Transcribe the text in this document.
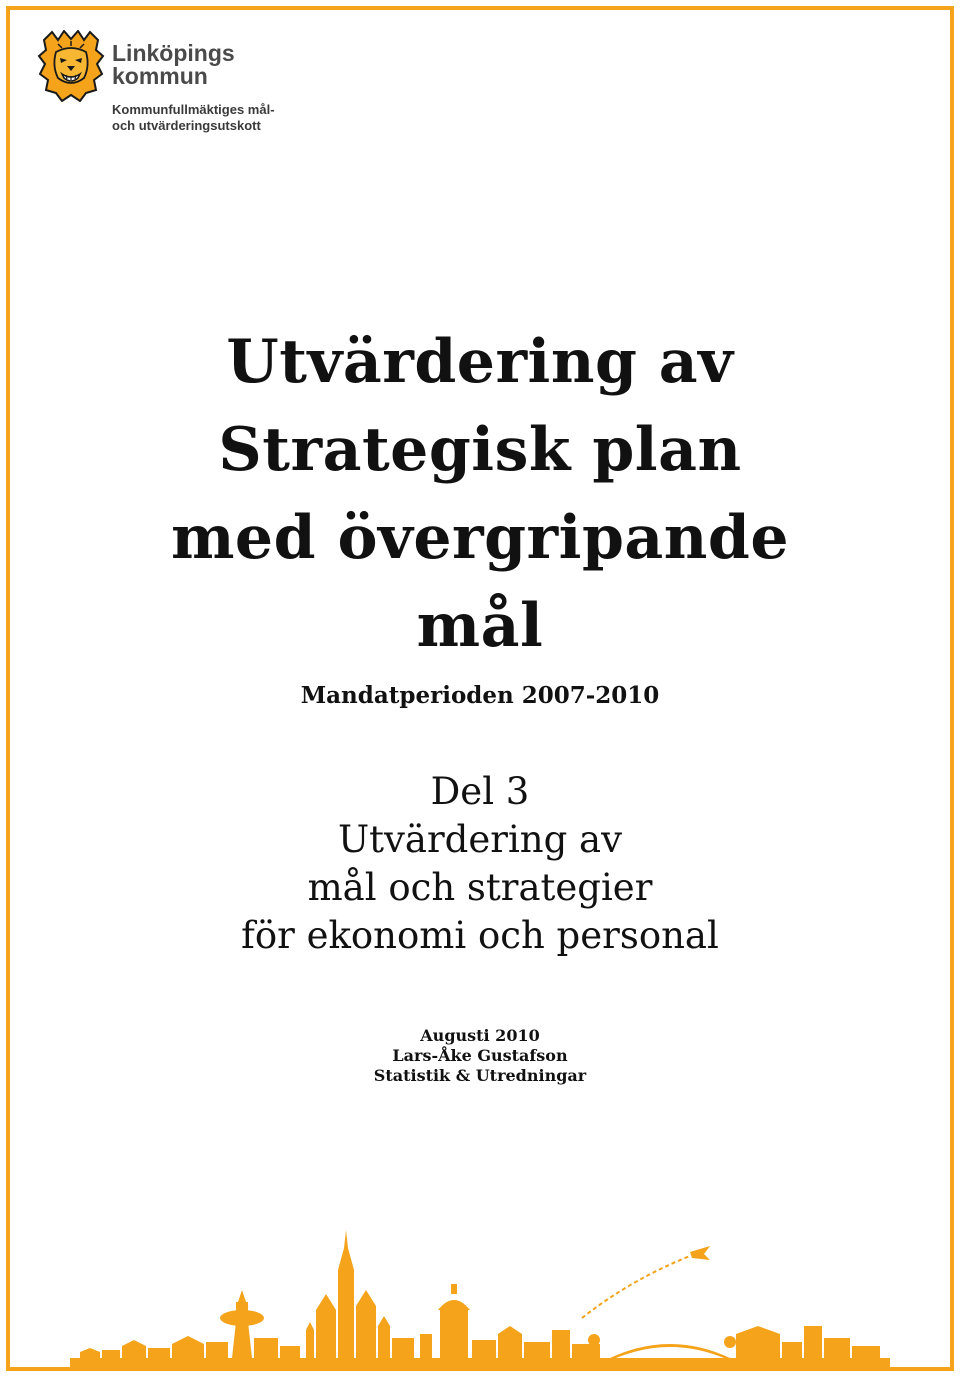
Linköpings
kommun

Kommunfullmäktiges mål-
och utvärderingsutskott

Utvärdering av
Strategisk plan
med övergripande
mål
Mandatperioden 2007-2010
Del 3
Utvärdering av
mål och strategier
för ekonomi och personal
Augusti 2010
Lars-Åke Gustafson
Statistik & Utredningar
